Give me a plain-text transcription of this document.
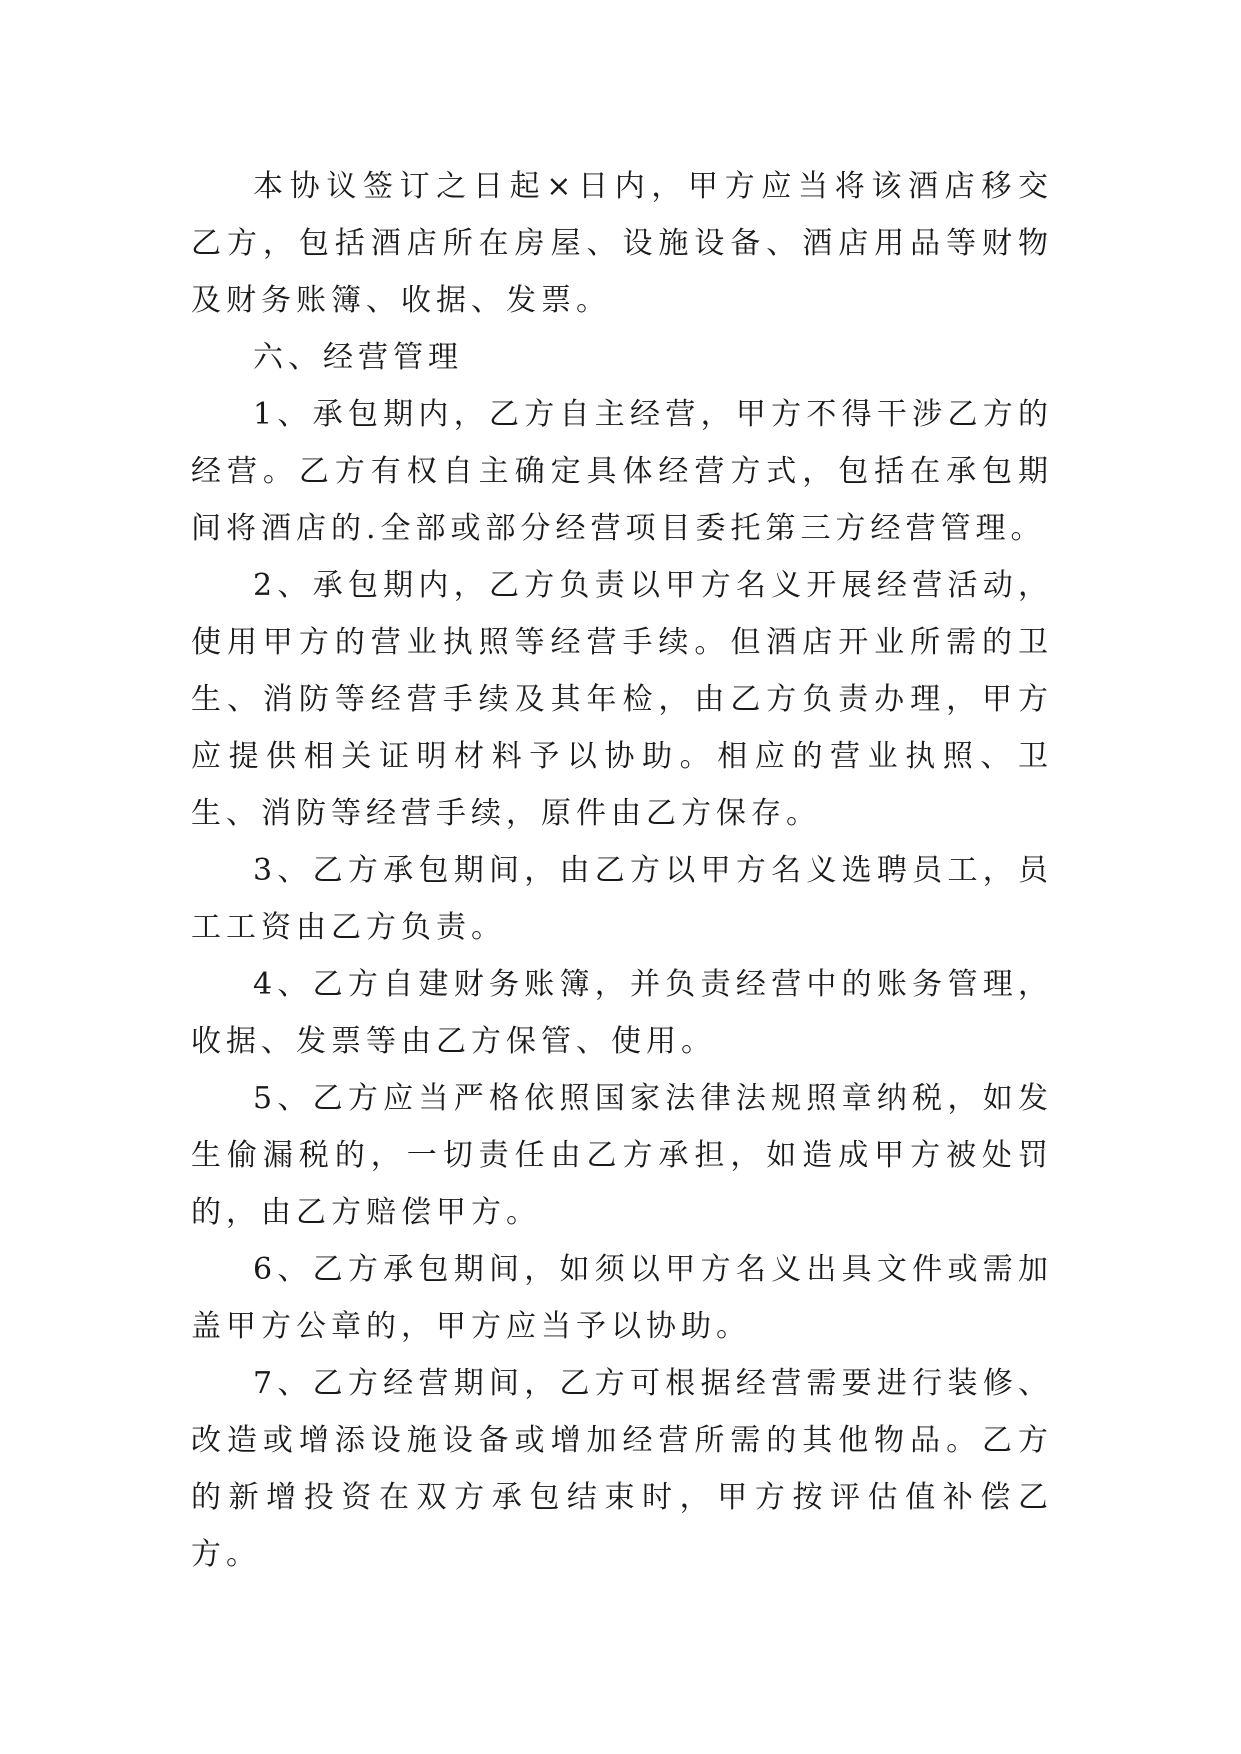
本协议签订之日起×日内，甲方应当将该酒店移交乙方，包括酒店所在房屋、设施设备、酒店用品等财物及财务账簿、收据、发票。

六、经营管理

1、承包期内，乙方自主经营，甲方不得干涉乙方的经营。乙方有权自主确定具体经营方式，包括在承包期间将酒店的.全部或部分经营项目委托第三方经营管理。

2、承包期内，乙方负责以甲方名义开展经营活动，使用甲方的营业执照等经营手续。但酒店开业所需的卫生、消防等经营手续及其年检，由乙方负责办理，甲方应提供相关证明材料予以协助。相应的营业执照、卫生、消防等经营手续，原件由乙方保存。

3、乙方承包期间，由乙方以甲方名义选聘员工，员工工资由乙方负责。

4、乙方自建财务账簿，并负责经营中的账务管理，收据、发票等由乙方保管、使用。

5、乙方应当严格依照国家法律法规照章纳税，如发生偷漏税的，一切责任由乙方承担，如造成甲方被处罚的，由乙方赔偿甲方。

6、乙方承包期间，如须以甲方名义出具文件或需加盖甲方公章的，甲方应当予以协助。

7、乙方经营期间，乙方可根据经营需要进行装修、改造或增添设施设备或增加经营所需的其他物品。乙方的新增投资在双方承包结束时，甲方按评估值补偿乙方。
